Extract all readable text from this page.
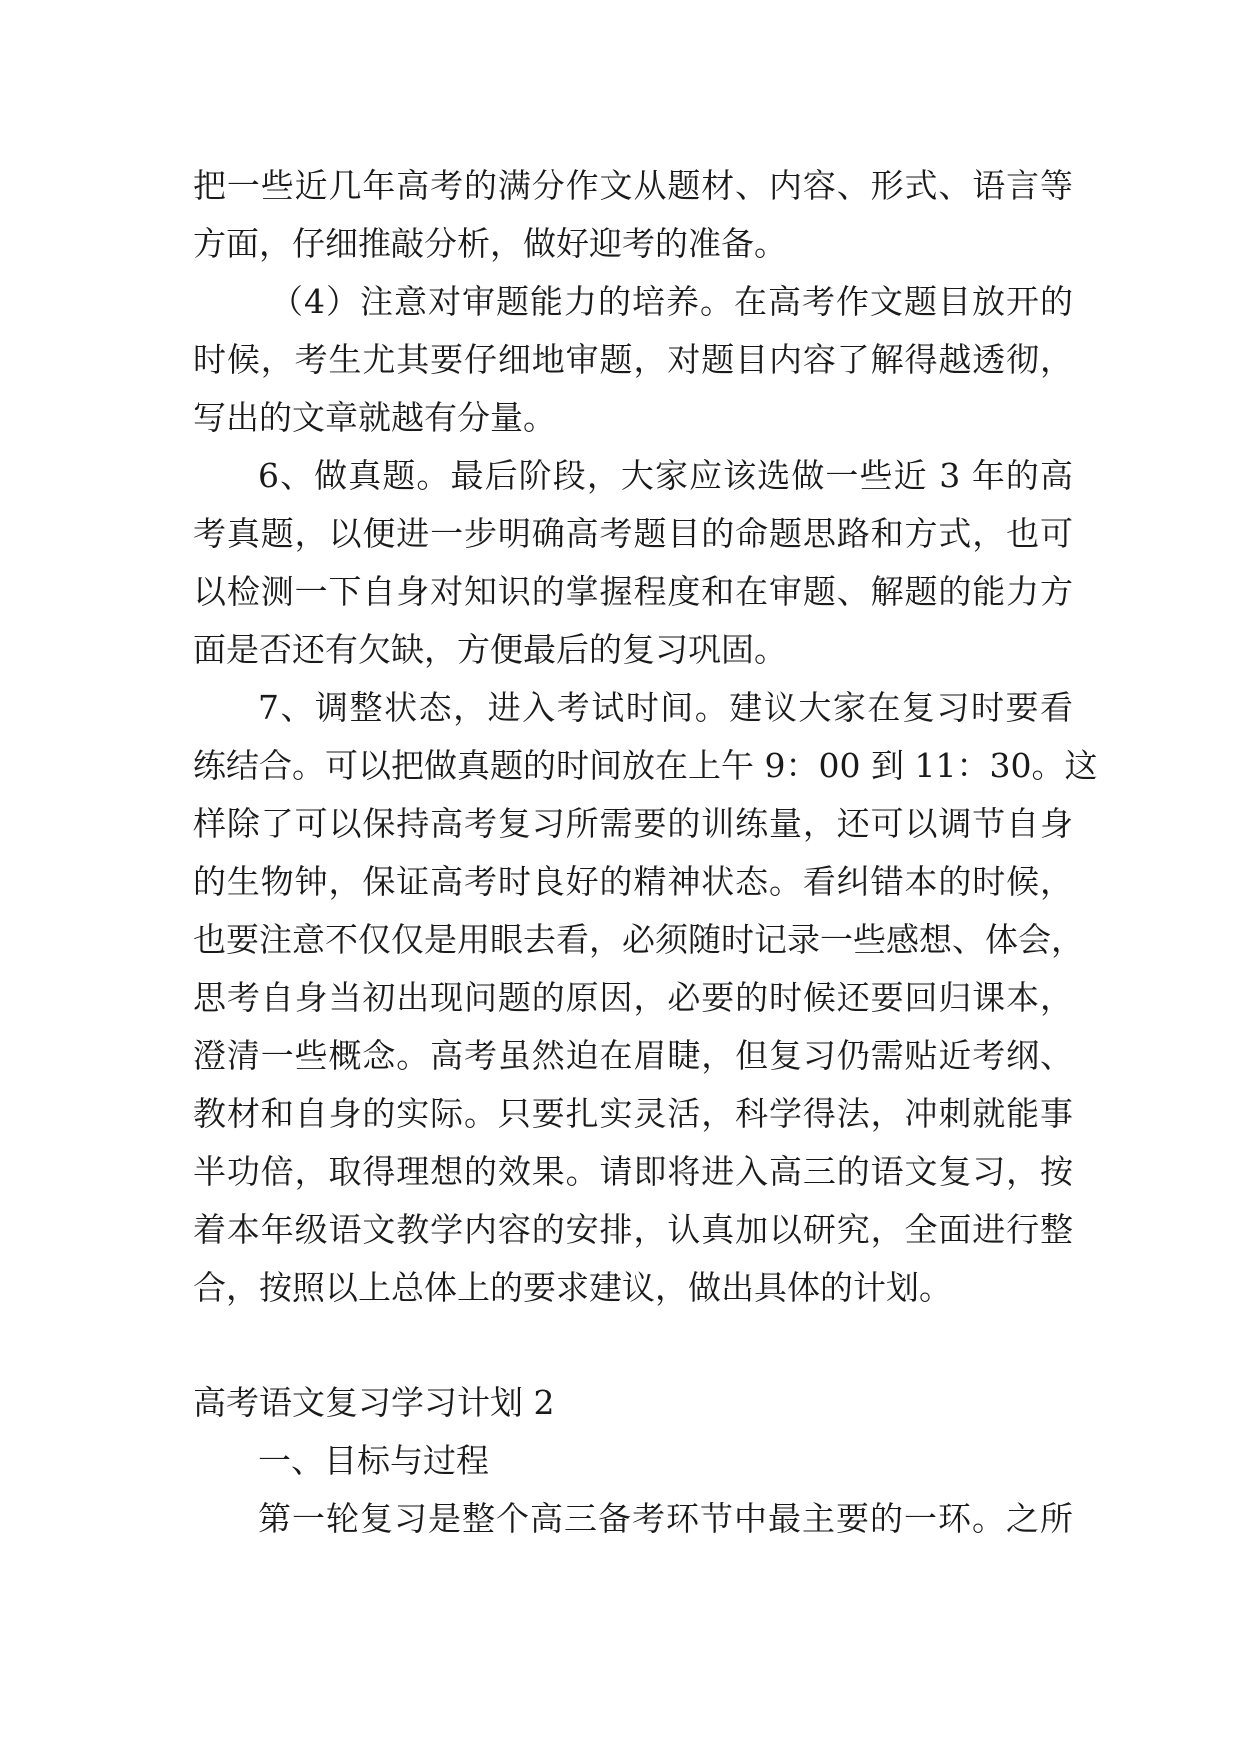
把一些近几年高考的满分作文从题材、内容、形式、语言等
方面，仔细推敲分析，做好迎考的准备。
（4）注意对审题能力的培养。在高考作文题目放开的
时候，考生尤其要仔细地审题，对题目内容了解得越透彻，
写出的文章就越有分量。
6、做真题。最后阶段，大家应该选做一些近 3 年的高
考真题，以便进一步明确高考题目的命题思路和方式，也可
以检测一下自身对知识的掌握程度和在审题、解题的能力方
面是否还有欠缺，方便最后的复习巩固。
7、调整状态，进入考试时间。建议大家在复习时要看
练结合。可以把做真题的时间放在上午 9：00 到 11：30。这
样除了可以保持高考复习所需要的训练量，还可以调节自身
的生物钟，保证高考时良好的精神状态。看纠错本的时候，
也要注意不仅仅是用眼去看，必须随时记录一些感想、体会，
思考自身当初出现问题的原因，必要的时候还要回归课本，
澄清一些概念。高考虽然迫在眉睫，但复习仍需贴近考纲、
教材和自身的实际。只要扎实灵活，科学得法，冲刺就能事
半功倍，取得理想的效果。请即将进入高三的语文复习，按
着本年级语文教学内容的安排，认真加以研究，全面进行整
合，按照以上总体上的要求建议，做出具体的计划。
高考语文复习学习计划 2
一、目标与过程
第一轮复习是整个高三备考环节中最主要的一环。之所
